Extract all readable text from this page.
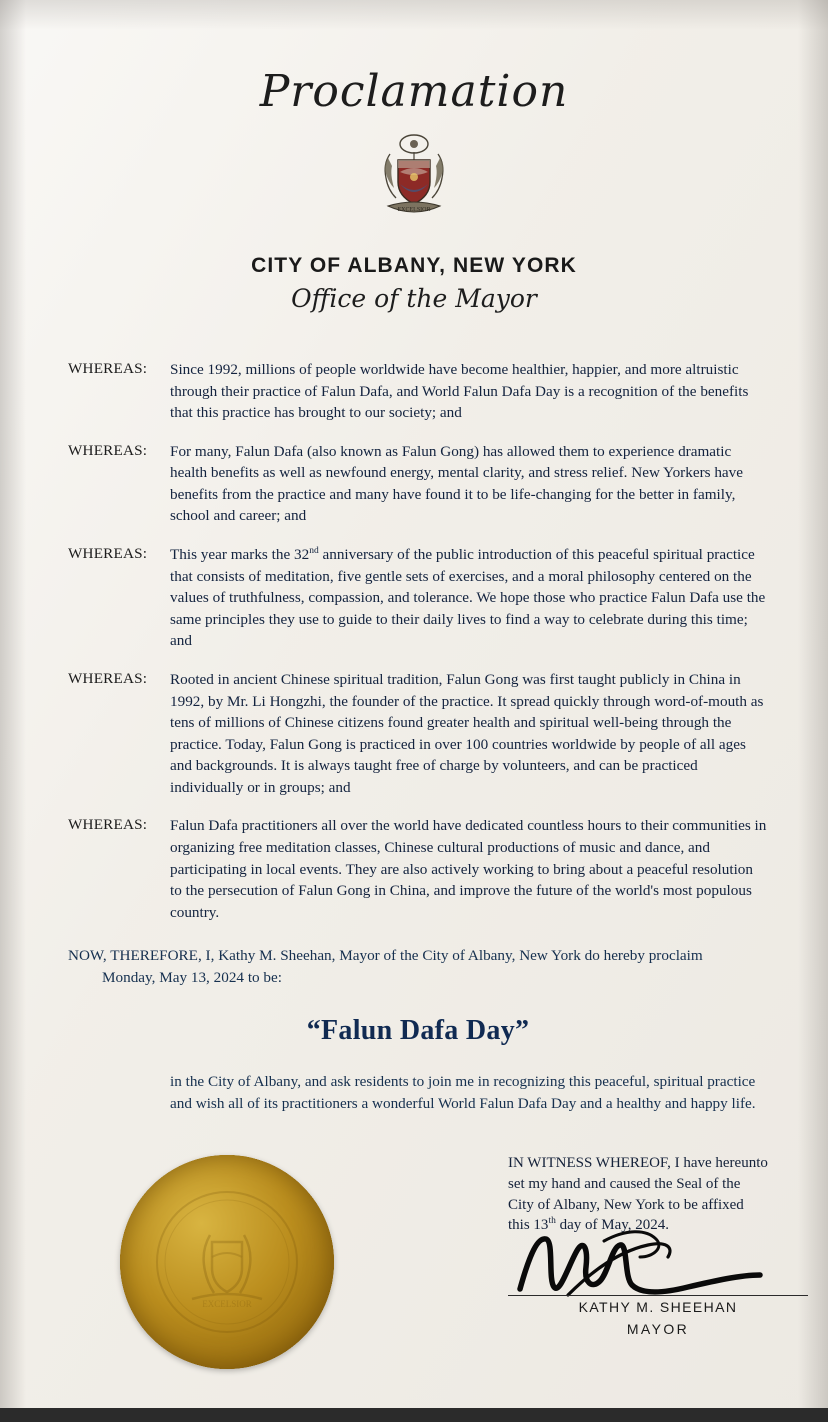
Proclamation
EXCELSIOR
CITY OF ALBANY, NEW YORK
Office of the Mayor
WHEREAS:	Since 1992, millions of people worldwide have become healthier, happier, and more altruistic through their practice of Falun Dafa, and World Falun Dafa Day is a recognition of the benefits that this practice has brought to our society; and
WHEREAS:	For many, Falun Dafa (also known as Falun Gong) has allowed them to experience dramatic health benefits as well as newfound energy, mental clarity, and stress relief. New Yorkers have benefits from the practice and many have found it to be life-changing for the better in family, school and career; and
WHEREAS:	This year marks the 32nd anniversary of the public introduction of this peaceful spiritual practice that consists of meditation, five gentle sets of exercises, and a moral philosophy centered on the values of truthfulness, compassion, and tolerance. We hope those who practice Falun Dafa use the same principles they use to guide to their daily lives to find a way to celebrate during this time; and
WHEREAS:	Rooted in ancient Chinese spiritual tradition, Falun Gong was first taught publicly in China in 1992, by Mr. Li Hongzhi, the founder of the practice. It spread quickly through word-of-mouth as tens of millions of Chinese citizens found greater health and spiritual well-being through the practice. Today, Falun Gong is practiced in over 100 countries worldwide by people of all ages and backgrounds. It is always taught free of charge by volunteers, and can be practiced individually or in groups; and
WHEREAS:	Falun Dafa practitioners all over the world have dedicated countless hours to their communities in organizing free meditation classes, Chinese cultural productions of music and dance, and participating in local events. They are also actively working to bring about a peaceful resolution to the persecution of Falun Gong in China, and improve the future of the world's most populous country.
NOW, THEREFORE, I, Kathy M. Sheehan, Mayor of the City of Albany, New York do hereby proclaim
Monday, May 13, 2024 to be:
“Falun Dafa Day”
in the City of Albany, and ask residents to join me in recognizing this peaceful, spiritual practice and wish all of its practitioners a wonderful World Falun Dafa Day and a healthy and happy life.
EXCELSIOR
IN WITNESS WHEREOF, I have hereunto
set my hand and caused the Seal of the
City of Albany, New York to be affixed
this 13th day of May, 2024.
KATHY M. SHEEHAN
MAYOR
